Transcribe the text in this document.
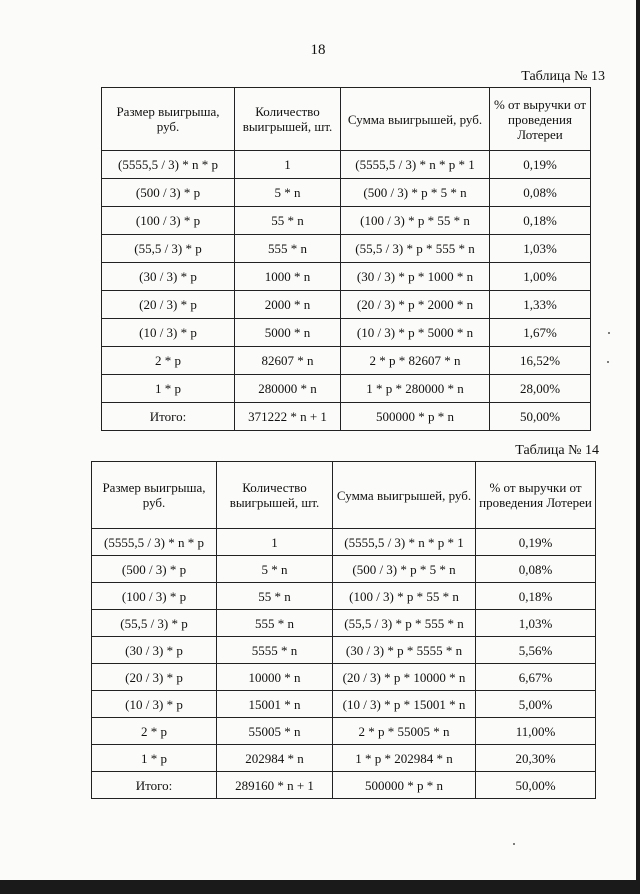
18
Таблица № 13
Размер выигрыша, руб.	Количество выигрышей, шт.	Сумма выигрышей, руб.	% от выручки от проведения Лотереи
(5555,5 / 3) * n * p	1	(5555,5 / 3) * n * p * 1	0,19%
(500 / 3) * p	5 * n	(500 / 3) * p * 5 * n	0,08%
(100 / 3) * p	55 * n	(100 / 3) * p * 55 * n	0,18%
(55,5 / 3) * p	555 * n	(55,5 / 3) * p * 555 * n	1,03%
(30 / 3) * p	1000 * n	(30 / 3) * p * 1000 * n	1,00%
(20 / 3) * p	2000 * n	(20 / 3) * p * 2000 * n	1,33%
(10 / 3) * p	5000 * n	(10 / 3) * p * 5000 * n	1,67%
2 * p	82607 * n	2 * p * 82607 * n	16,52%
1 * p	280000 * n	1 * p * 280000 * n	28,00%
Итого:	371222 * n + 1	500000 * p * n	50,00%
Таблица № 14
Размер выигрыша, руб.	Количество выигрышей, шт.	Сумма выигрышей, руб.	% от выручки от проведения Лотереи
(5555,5 / 3) * n * p	1	(5555,5 / 3) * n * p * 1	0,19%
(500 / 3) * p	5 * n	(500 / 3) * p * 5 * n	0,08%
(100 / 3) * p	55 * n	(100 / 3) * p * 55 * n	0,18%
(55,5 / 3) * p	555 * n	(55,5 / 3) * p * 555 * n	1,03%
(30 / 3) * p	5555 * n	(30 / 3) * p * 5555 * n	5,56%
(20 / 3) * p	10000 * n	(20 / 3) * p * 10000 * n	6,67%
(10 / 3) * p	15001 * n	(10 / 3) * p * 15001 * n	5,00%
2 * p	55005 * n	2 * p * 55005 * n	11,00%
1 * p	202984 * n	1 * p * 202984 * n	20,30%
Итого:	289160 * n + 1	500000 * p * n	50,00%
